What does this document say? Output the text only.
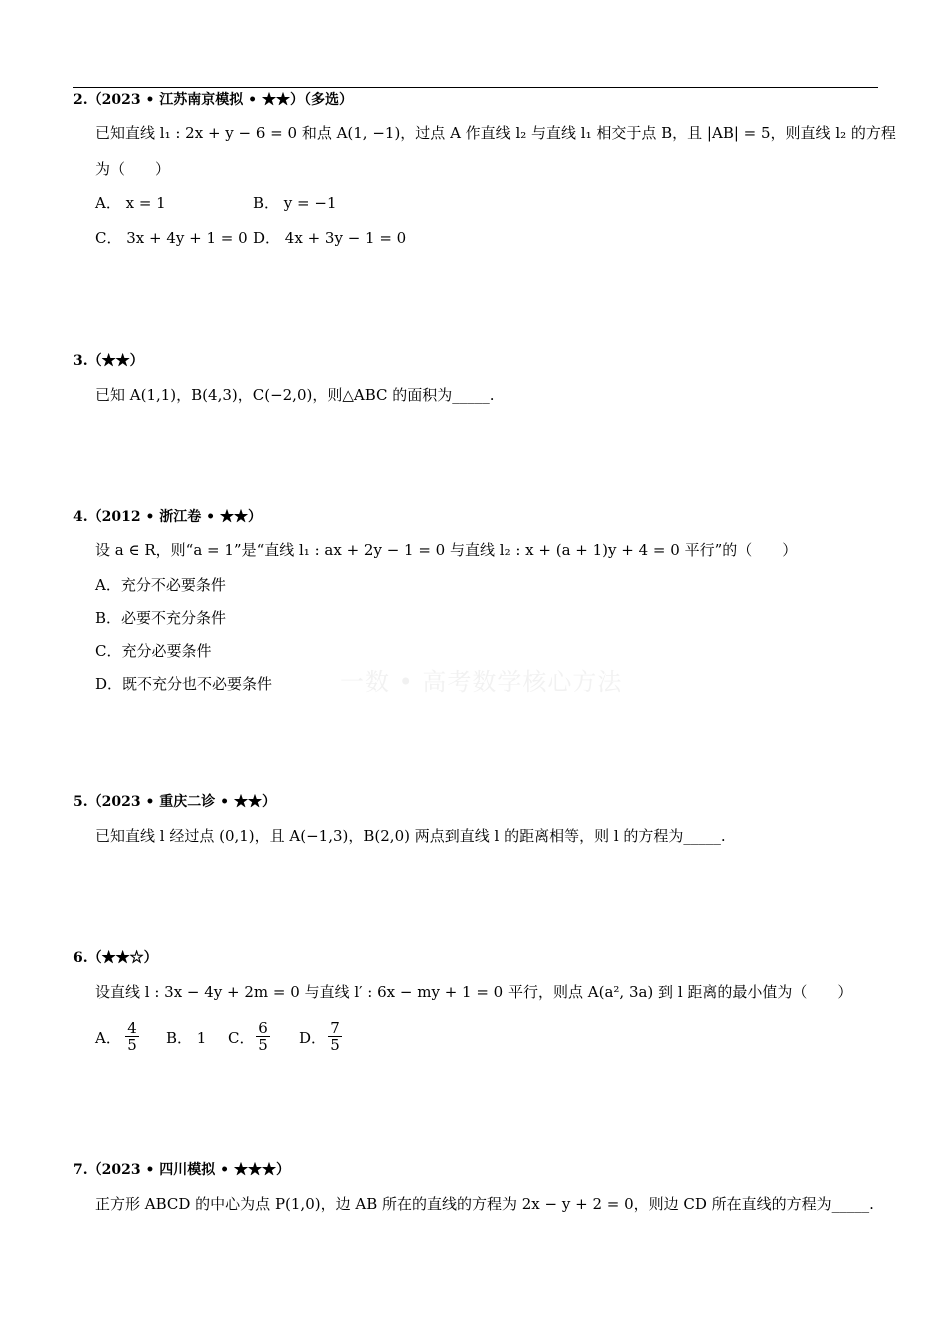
一数 • 高考数学核心方法
2.（2023 • 江苏南京模拟 • ★★）（多选）
已知直线 l₁ : 2x + y − 6 = 0 和点 A(1, −1)，过点 A 作直线 l₂ 与直线 l₁ 相交于点 B，且 |AB| = 5，则直线 l₂ 的方程
为（　　）
A． x = 1	B． y = −1
C． 3x + 4y + 1 = 0 D． 4x + 3y − 1 = 0
3.（★★）
已知 A(1,1)，B(4,3)，C(−2,0)，则△ABC 的面积为_____.
4.（2012 • 浙江卷 • ★★）
设 a ∈ R，则“a = 1”是“直线 l₁ : ax + 2y − 1 = 0 与直线 l₂ : x + (a + 1)y + 4 = 0 平行”的（　　）
A．充分不必要条件
B．必要不充分条件
C．充分必要条件
D．既不充分也不必要条件
5.（2023 • 重庆二诊 • ★★）
已知直线 l 经过点 (0,1)，且 A(−1,3)，B(2,0) 两点到直线 l 的距离相等，则 l 的方程为_____.
6.（★★☆）
设直线 l : 3x − 4y + 2m = 0 与直线 l′ : 6x − my + 1 = 0 平行，则点 A(a², 3a) 到 l 距离的最小值为（　　）
A． $\frac{4}{5}$ B． 1 C． $\frac{6}{5}$ D． $\frac{7}{5}$
7.（2023 • 四川模拟 • ★★★）
正方形 ABCD 的中心为点 P(1,0)，边 AB 所在的直线的方程为 2x − y + 2 = 0，则边 CD 所在直线的方程为_____.
